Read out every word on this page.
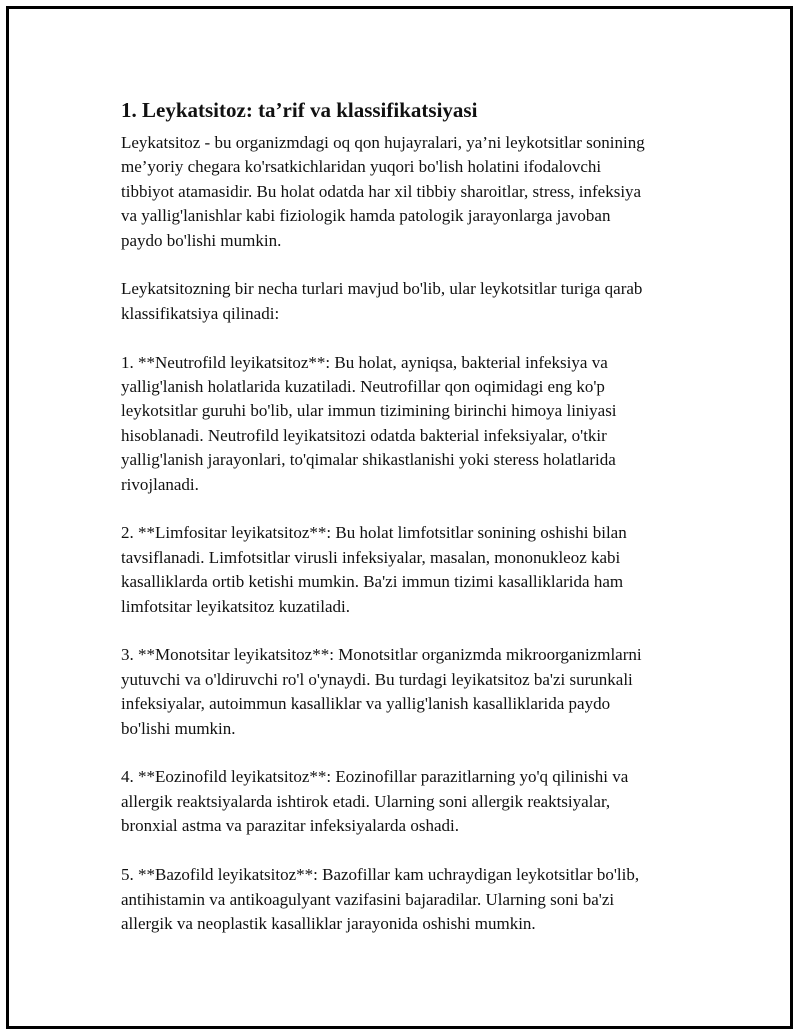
1. Leykatsitoz: ta’rif va klassifikatsiyasi
Leykatsitoz - bu organizmdagi oq qon hujayralari, ya’ni leykotsitlar sonining
me’yoriy chegara ko'rsatkichlaridan yuqori bo'lish holatini ifodalovchi
tibbiyot atamasidir. Bu holat odatda har xil tibbiy sharoitlar, stress, infeksiya
va yallig'lanishlar kabi fiziologik hamda patologik jarayonlarga javoban
paydo bo'lishi mumkin.
Leykatsitozning bir necha turlari mavjud bo'lib, ular leykotsitlar turiga qarab
klassifikatsiya qilinadi:
1. **Neutrofild leyikatsitoz**: Bu holat, ayniqsa, bakterial infeksiya va
yallig'lanish holatlarida kuzatiladi. Neutrofillar qon oqimidagi eng ko'p
leykotsitlar guruhi bo'lib, ular immun tizimining birinchi himoya liniyasi
hisoblanadi. Neutrofild leyikatsitozi odatda bakterial infeksiyalar, o'tkir
yallig'lanish jarayonlari, to'qimalar shikastlanishi yoki steress holatlarida
rivojlanadi.
2. **Limfositar leyikatsitoz**: Bu holat limfotsitlar sonining oshishi bilan
tavsiflanadi. Limfotsitlar virusli infeksiyalar, masalan, mononukleoz kabi
kasalliklarda ortib ketishi mumkin. Ba'zi immun tizimi kasalliklarida ham
limfotsitar leyikatsitoz kuzatiladi.
3. **Monotsitar leyikatsitoz**: Monotsitlar organizmda mikroorganizmlarni
yutuvchi va o'ldiruvchi ro'l o'ynaydi. Bu turdagi leyikatsitoz ba'zi surunkali
infeksiyalar, autoimmun kasalliklar va yallig'lanish kasalliklarida paydo
bo'lishi mumkin.
4. **Eozinofild leyikatsitoz**: Eozinofillar parazitlarning yo'q qilinishi va
allergik reaktsiyalarda ishtirok etadi. Ularning soni allergik reaktsiyalar,
bronxial astma va parazitar infeksiyalarda oshadi.
5. **Bazofild leyikatsitoz**: Bazofillar kam uchraydigan leykotsitlar bo'lib,
antihistamin va antikoagulyant vazifasini bajaradilar. Ularning soni ba'zi
allergik va neoplastik kasalliklar jarayonida oshishi mumkin.
